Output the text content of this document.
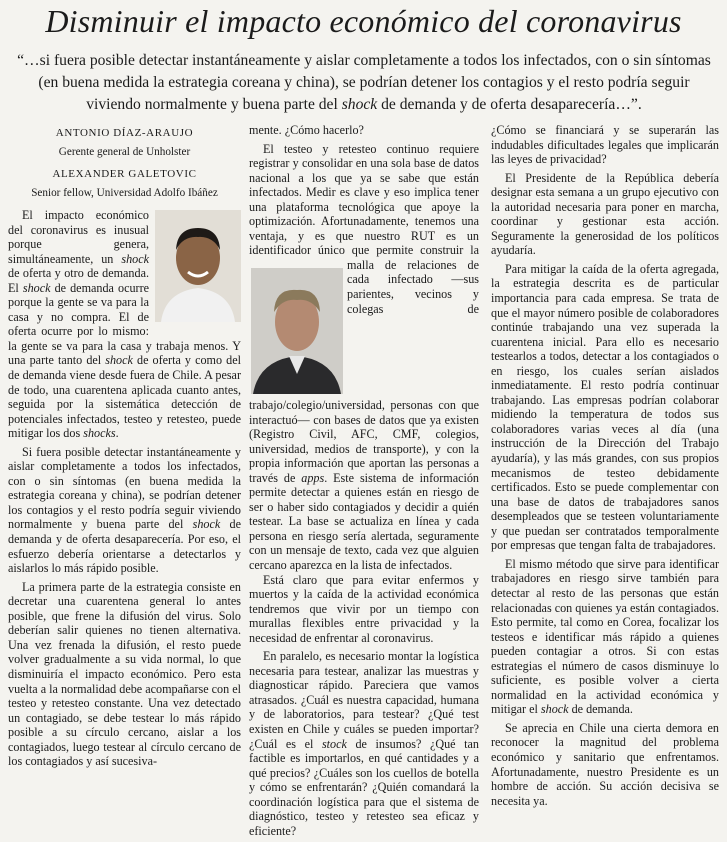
Disminuir el impacto económico del coronavirus
“…si fuera posible detectar instantáneamente y aislar completamente a todos los infectados, con o sin síntomas (en buena medida la estrategia coreana y china), se podrían detener los contagios y el resto podría seguir viviendo normalmente y buena parte del shock de demanda y de oferta desaparecería…”.

ANTONIO DÍAZ-ARAUJO

Gerente general de Unholster

ALEXANDER GALETOVIC

Senior fellow, Universidad Adolfo Ibáñez

El impacto económico del coronavirus es inusual porque genera, simultáneamente, un shock de oferta y otro de demanda. El shock de demanda ocurre porque la gente se va para la casa y no compra. El de oferta ocurre por lo mismo: la gente se va para la casa y trabaja menos. Y una parte tanto del shock de oferta y como del de demanda viene desde fuera de Chile. A pesar de todo, una cuarentena aplicada cuanto antes, seguida por la sistemática detección de potenciales infectados, testeo y retesteo, puede mitigar los dos shocks.

Si fuera posible detectar instantáneamente y aislar completamente a todos los infectados, con o sin síntomas (en buena medida la estrategia coreana y china), se podrían detener los contagios y el resto podría seguir viviendo normalmente y buena parte del shock de demanda y de oferta desaparecería. Por eso, el esfuerzo debería orientarse a detectarlos y aislarlos lo más rápido posible.

La primera parte de la estrategia consiste en decretar una cuarentena general lo antes posible, que frene la difusión del virus. Solo deberían salir quienes no tienen alternativa. Una vez frenada la difusión, el resto puede volver gradualmente a su vida normal, lo que disminuiría el impacto económico. Pero esta vuelta a la normalidad debe acompañarse con el testeo y retesteo constante. Una vez detectado un contagiado, se debe testear lo más rápido posible a su círculo cercano, aislar a los contagiados, luego testear al círculo cercano de los contagiados y así sucesiva-

mente. ¿Cómo hacerlo?

El testeo y retesteo continuo requiere registrar y consolidar en una sola base de datos nacional a los que ya se sabe que están infectados. Medir es clave y eso implica tener una plataforma tecnológica que apoye la optimización. Afortunadamente, tenemos una ventaja, y es que nuestro RUT es un identificador único que permite construir la malla de relaciones de cada infectado —sus parientes, vecinos y colegas de trabajo/colegio/universidad, personas con que interactuó— con bases de datos que ya existen (Registro Civil, AFC, CMF, colegios, universidad, medios de transporte), y con la propia información que aportan las personas a través de apps. Este sistema de información permite detectar a quienes están en riesgo de ser o haber sido contagiados y decidir a quién testear. La base se actualiza en línea y cada persona en riesgo sería alertada, seguramente con un mensaje de texto, cada vez que alguien cercano aparezca en la lista de infectados.

Está claro que para evitar enfermos y muertos y la caída de la actividad económica tendremos que vivir por un tiempo con murallas flexibles entre privacidad y la necesidad de enfrentar al coronavirus.

En paralelo, es necesario montar la logística necesaria para testear, analizar las muestras y diagnosticar rápido. Pareciera que vamos atrasados. ¿Cuál es nuestra capacidad, humana y de laboratorios, para testear? ¿Qué test existen en Chile y cuáles se pueden importar? ¿Cuál es el stock de insumos? ¿Qué tan factible es importarlos, en qué cantidades y a qué precios? ¿Cuáles son los cuellos de botella y cómo se enfrentarán? ¿Quién comandará la coordinación logística para que el sistema de diagnóstico, testeo y retesteo sea eficaz y eficiente?

¿Cómo se financiará y se superarán las indudables dificultades legales que implicarán las leyes de privacidad?

El Presidente de la República debería designar esta semana a un grupo ejecutivo con la autoridad necesaria para poner en marcha, coordinar y gestionar esta acción. Seguramente la generosidad de los políticos ayudaría.

Para mitigar la caída de la oferta agregada, la estrategia descrita es de particular importancia para cada empresa. Se trata de que el mayor número posible de colaboradores continúe trabajando una vez superada la cuarentena inicial. Para ello es necesario testearlos a todos, detectar a los contagiados o en riesgo, los cuales serían aislados inmediatamente. El resto podría continuar trabajando. Las empresas podrían colaborar midiendo la temperatura de todos sus colaboradores varias veces al día (una instrucción de la Dirección del Trabajo ayudaría), y las más grandes, con sus propios mecanismos de testeo debidamente certificados. Esto se puede complementar con una base de datos de trabajadores sanos desempleados que se testeen voluntariamente y que puedan ser contratados temporalmente por empresas que tengan falta de trabajadores.

El mismo método que sirve para identificar trabajadores en riesgo sirve también para detectar al resto de las personas que están relacionadas con quienes ya están contagiados. Esto permite, tal como en Corea, focalizar los testeos e identificar más rápido a quienes pueden contagiar a otros. Si con estas estrategias el número de casos disminuye lo suficiente, es posible volver a cierta normalidad en la actividad económica y mitigar el shock de demanda.

Se aprecia en Chile una cierta demora en reconocer la magnitud del problema económico y sanitario que enfrentamos. Afortunadamente, nuestro Presidente es un hombre de acción. Su acción decisiva se necesita ya.
